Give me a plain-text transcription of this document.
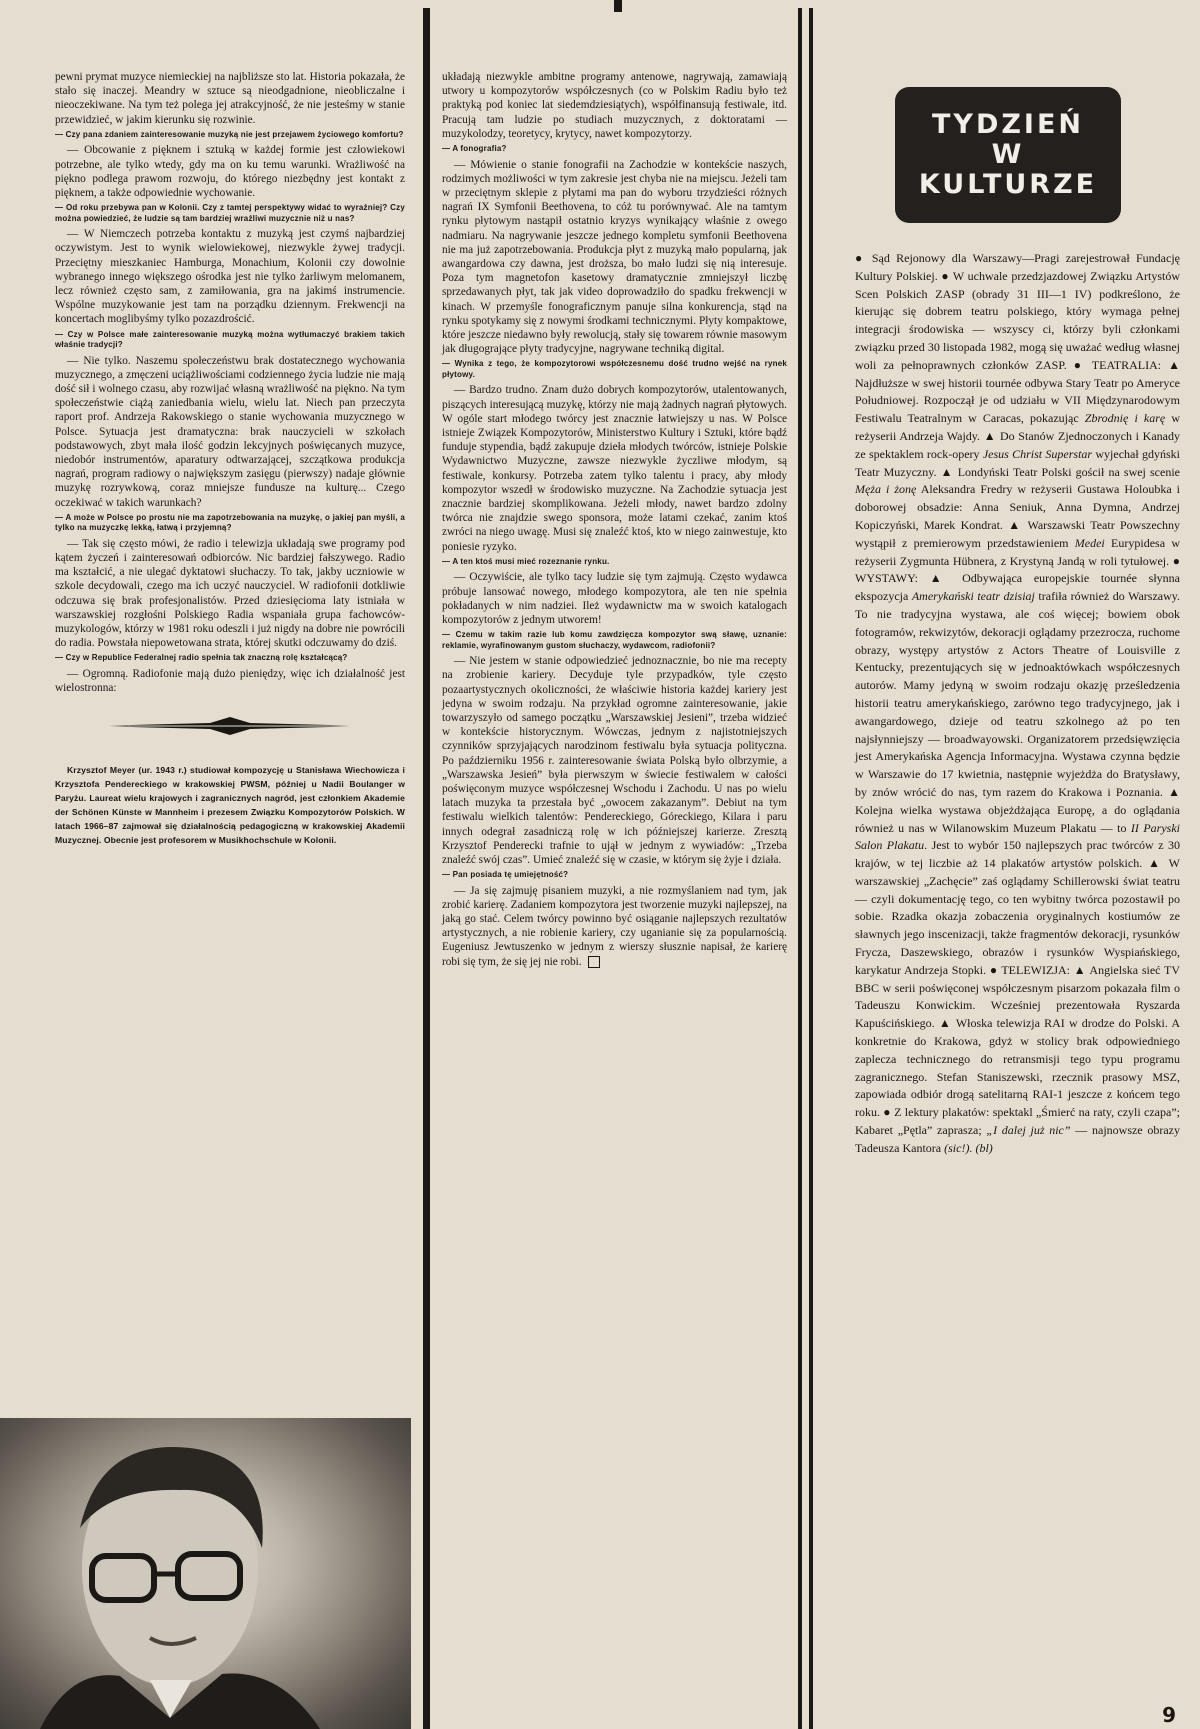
pewni prymat muzyce niemieckiej na najbliższe sto lat. Historia pokazała, że stało się inaczej. Meandry w sztuce są nieodgadnione, nieobliczalne i nieoczekiwane. Na tym też polega jej atrakcyjność, że nie jesteśmy w stanie przewidzieć, w jakim kierunku się rozwinie.

— Czy pana zdaniem zainteresowanie muzyką nie jest przejawem życiowego komfortu?

— Obcowanie z pięknem i sztuką w każdej formie jest człowiekowi potrzebne, ale tylko wtedy, gdy ma on ku temu warunki. Wrażliwość na piękno podlega prawom rozwoju, do którego niezbędny jest kontakt z pięknem, a także odpowiednie wychowanie.

— Od roku przebywa pan w Kolonii. Czy z tamtej perspektywy widać to wyraźniej? Czy można powiedzieć, że ludzie są tam bardziej wrażliwi muzycznie niż u nas?

— W Niemczech potrzeba kontaktu z muzyką jest czymś najbardziej oczywistym. Jest to wynik wielowiekowej, niezwykle żywej tradycji. Przeciętny mieszkaniec Hamburga, Monachium, Kolonii czy dowolnie wybranego innego większego ośrodka jest nie tylko żarliwym melomanem, lecz również często sam, z zamiłowania, gra na jakimś instrumencie. Wspólne muzykowanie jest tam na porządku dziennym. Frekwencji na koncertach moglibyśmy tylko pozazdrościć.

— Czy w Polsce małe zainteresowanie muzyką można wytłumaczyć brakiem takich właśnie tradycji?

— Nie tylko. Naszemu społeczeństwu brak dostatecznego wychowania muzycznego, a zmęczeni uciążliwościami codziennego życia ludzie nie mają dość sił i wolnego czasu, aby rozwijać własną wrażliwość na piękno. Na tym społeczeństwie ciążą zaniedbania wielu, wielu lat. Niech pan przeczyta raport prof. Andrzeja Rakowskiego o stanie wychowania muzycznego w Polsce. Sytuacja jest dramatyczna: brak nauczycieli w szkołach podstawowych, zbyt mała ilość godzin lekcyjnych poświęcanych muzyce, niedobór instrumentów, aparatury odtwarzającej, szczątkowa produkcja nagrań, program radiowy o największym zasięgu (pierwszy) nadaje głównie muzykę rozrywkową, coraz mniejsze fundusze na kulturę... Czego oczekiwać w takich warunkach?

— A może w Polsce po prostu nie ma zapotrzebowania na muzykę, o jakiej pan myśli, a tylko na muzyczkę lekką, łatwą i przyjemną?

— Tak się często mówi, że radio i telewizja układają swe programy pod kątem życzeń i zainteresowań odbiorców. Nic bardziej fałszywego. Radio ma kształcić, a nie ulegać dyktatowi słuchaczy. To tak, jakby uczniowie w szkole decydowali, czego ma ich uczyć nauczyciel. W radiofonii dotkliwie odczuwa się brak profesjonalistów. Przed dziesięcioma laty istniała w warszawskiej rozgłośni Polskiego Radia wspaniała grupa fachowców-muzykologów, którzy w 1981 roku odeszli i już nigdy na dobre nie powrócili do radia. Powstała niepowetowana strata, której skutki odczuwamy do dziś.

— Czy w Republice Federalnej radio spełnia tak znaczną rolę kształcącą?

— Ogromną. Radiofonie mają dużo pieniędzy, więc ich działalność jest wielostronna:

Krzysztof Meyer (ur. 1943 r.) studiował kompozycję u Stanisława Wiechowicza i Krzysztofa Pendereckiego w krakowskiej PWSM, później u Nadii Boulanger w Paryżu. Laureat wielu krajowych i zagranicznych nagród, jest członkiem Akademie der Schönen Künste w Mannheim i prezesem Związku Kompozytorów Polskich. W latach 1966–87 zajmował się działalnością pedagogiczną w krakowskiej Akademii Muzycznej. Obecnie jest profesorem w Musikhochschule w Kolonii.

układają niezwykle ambitne programy antenowe, nagrywają, zamawiają utwory u kompozytorów współczesnych (co w Polskim Radiu było też praktyką pod koniec lat siedemdziesiątych), współfinansują festiwale, itd. Pracują tam ludzie po studiach muzycznych, z doktoratami — muzykolodzy, teoretycy, krytycy, nawet kompozytorzy.

— A fonografia?

— Mówienie o stanie fonografii na Zachodzie w kontekście naszych, rodzimych możliwości w tym zakresie jest chyba nie na miejscu. Jeżeli tam w przeciętnym sklepie z płytami ma pan do wyboru trzydzieści różnych nagrań IX Symfonii Beethovena, to cóż tu porównywać. Ale na tamtym rynku płytowym nastąpił ostatnio kryzys wynikający właśnie z owego nadmiaru. Na nagrywanie jeszcze jednego kompletu symfonii Beethovena nie ma już zapotrzebowania. Produkcja płyt z muzyką mało popularną, jak awangardowa czy dawna, jest droższa, bo mało ludzi się nią interesuje. Poza tym magnetofon kasetowy dramatycznie zmniejszył liczbę sprzedawanych płyt, tak jak video doprowadziło do spadku frekwencji w kinach. W przemyśle fonograficznym panuje silna konkurencja, stąd na rynku spotykamy się z nowymi środkami technicznymi. Płyty kompaktowe, które jeszcze niedawno były rewolucją, stały się towarem równie masowym jak długogrające płyty tradycyjne, nagrywane techniką digital.

— Wynika z tego, że kompozytorowi współczesnemu dość trudno wejść na rynek płytowy.

— Bardzo trudno. Znam dużo dobrych kompozytorów, utalentowanych, piszących interesującą muzykę, którzy nie mają żadnych nagrań płytowych. W ogóle start młodego twórcy jest znacznie łatwiejszy u nas. W Polsce istnieje Związek Kompozytorów, Ministerstwo Kultury i Sztuki, które bądź funduje stypendia, bądź zakupuje dzieła młodych twórców, istnieje Polskie Wydawnictwo Muzyczne, zawsze niezwykle życzliwe młodym, są festiwale, konkursy. Potrzeba zatem tylko talentu i pracy, aby młody kompozytor wszedł w środowisko muzyczne. Na Zachodzie sytuacja jest znacznie bardziej skomplikowana. Jeżeli młody, nawet bardzo zdolny twórca nie znajdzie swego sponsora, może latami czekać, zanim ktoś zwróci na niego uwagę. Musi się znaleźć ktoś, kto w niego zainwestuje, kto poniesie ryzyko.

— A ten ktoś musi mieć rozeznanie rynku.

— Oczywiście, ale tylko tacy ludzie się tym zajmują. Często wydawca próbuje lansować nowego, młodego kompozytora, ale ten nie spełnia pokładanych w nim nadziei. Ileż wydawnictw ma w swoich katalogach kompozytorów z jednym utworem!

— Czemu w takim razie lub komu zawdzięcza kompozytor swą sławę, uznanie: reklamie, wyrafinowanym gustom słuchaczy, wydawcom, radiofonii?

— Nie jestem w stanie odpowiedzieć jednoznacznie, bo nie ma recepty na zrobienie kariery. Decyduje tyle przypadków, tyle często pozaartystycznych okoliczności, że właściwie historia każdej kariery jest jedyna w swoim rodzaju. Na przykład ogromne zainteresowanie, jakie towarzyszyło od samego początku „Warszawskiej Jesieni”, trzeba widzieć w kontekście historycznym. Wówczas, jednym z najistotniejszych czynników sprzyjających narodzinom festiwalu była sytuacja polityczna. Po październiku 1956 r. zainteresowanie świata Polską było olbrzymie, a „Warszawska Jesień” była pierwszym w świecie festiwalem w całości poświęconym muzyce współczesnej Wschodu i Zachodu. U nas po wielu latach muzyka ta przestała być „owocem zakazanym”. Debiut na tym festiwalu wielkich talentów: Pendereckiego, Góreckiego, Kilara i paru innych odegrał zasadniczą rolę w ich późniejszej karierze. Zresztą Krzysztof Penderecki trafnie to ujął w jednym z wywiadów: „Trzeba znaleźć swój czas”. Umieć znaleźć się w czasie, w którym się żyje i działa.

— Pan posiada tę umiejętność?

— Ja się zajmuję pisaniem muzyki, a nie rozmyślaniem nad tym, jak zrobić karierę. Zadaniem kompozytora jest tworzenie muzyki najlepszej, na jaką go stać. Celem twórcy powinno być osiąganie najlepszych rezultatów artystycznych, a nie robienie kariery, czy uganianie się za popularnością. Eugeniusz Jewtuszenko w jednym z wierszy słusznie napisał, że karierę robi się tym, że się jej nie robi.

TYDZIEŃ
W
KULTURZE

● Sąd Rejonowy dla Warszawy—Pragi zarejestrował Fundację Kultury Polskiej. ● W uchwale przedzjazdowej Związku Artystów Scen Polskich ZASP (obrady 31 III—1 IV) podkreślono, że kierując się dobrem teatru polskiego, który wymaga pełnej integracji środowiska — wszyscy ci, którzy byli członkami związku przed 30 listopada 1982, mogą się uważać według własnej woli za pełnoprawnych członków ZASP. ● TEATRALIA: ▲ Najdłuższe w swej historii tournée odbywa Stary Teatr po Ameryce Południowej. Rozpoczął je od udziału w VII Międzynarodowym Festiwalu Teatralnym w Caracas, pokazując Zbrodnię i karę w reżyserii Andrzeja Wajdy. ▲ Do Stanów Zjednoczonych i Kanady ze spektaklem rock-opery Jesus Christ Superstar wyjechał gdyński Teatr Muzyczny. ▲ Londyński Teatr Polski gościł na swej scenie Męża i żonę Aleksandra Fredry w reżyserii Gustawa Holoubka i doborowej obsadzie: Anna Seniuk, Anna Dymna, Andrzej Kopiczyński, Marek Kondrat. ▲ Warszawski Teatr Powszechny wystąpił z premierowym przedstawieniem Medei Eurypidesa w reżyserii Zygmunta Hübnera, z Krystyną Jandą w roli tytułowej. ● WYSTAWY: ▲ Odbywająca europejskie tournée słynna ekspozycja Amerykański teatr dzisiaj trafiła również do Warszawy. To nie tradycyjna wystawa, ale coś więcej; bowiem obok fotogramów, rekwizytów, dekoracji oglądamy przezrocza, ruchome obrazy, występy artystów z Actors Theatre of Louisville z Kentucky, prezentujących się w jednoaktówkach współczesnych autorów. Mamy jedyną w swoim rodzaju okazję prześledzenia historii teatru amerykańskiego, zarówno tego tradycyjnego, jak i awangardowego, dzieje od teatru szkolnego aż po ten najsłynniejszy — broadwayowski. Organizatorem przedsięwzięcia jest Amerykańska Agencja Informacyjna. Wystawa czynna będzie w Warszawie do 17 kwietnia, następnie wyjeżdża do Bratysławy, by znów wrócić do nas, tym razem do Krakowa i Poznania. ▲ Kolejna wielka wystawa objeżdżająca Europę, a do oglądania również u nas w Wilanowskim Muzeum Plakatu — to II Paryski Salon Plakatu. Jest to wybór 150 najlepszych prac twórców z 30 krajów, w tej liczbie aż 14 plakatów artystów polskich. ▲ W warszawskiej „Zachęcie” zaś oglądamy Schillerowski świat teatru — czyli dokumentację tego, co ten wybitny twórca pozostawił po sobie. Rzadka okazja zobaczenia oryginalnych kostiumów ze sławnych jego inscenizacji, także fragmentów dekoracji, rysunków Frycza, Daszewskiego, obrazów i rysunków Wyspiańskiego, karykatur Andrzeja Stopki. ● TELEWIZJA: ▲ Angielska sieć TV BBC w serii poświęconej współczesnym pisarzom pokazała film o Tadeuszu Konwickim. Wcześniej prezentowała Ryszarda Kapuścińskiego. ▲ Włoska telewizja RAI w drodze do Polski. A konkretnie do Krakowa, gdyż w stolicy brak odpowiedniego zaplecza technicznego do retransmisji tego typu programu zagranicznego. Stefan Staniszewski, rzecznik prasowy MSZ, zapowiada odbiór drogą satelitarną RAI-1 jeszcze z końcem tego roku. ● Z lektury plakatów: spektakl „Śmierć na raty, czyli czapa”; Kabaret „Pętla” zaprasza; „I dalej już nic” — najnowsze obrazy Tadeusza Kantora (sic!). (bl)

9
